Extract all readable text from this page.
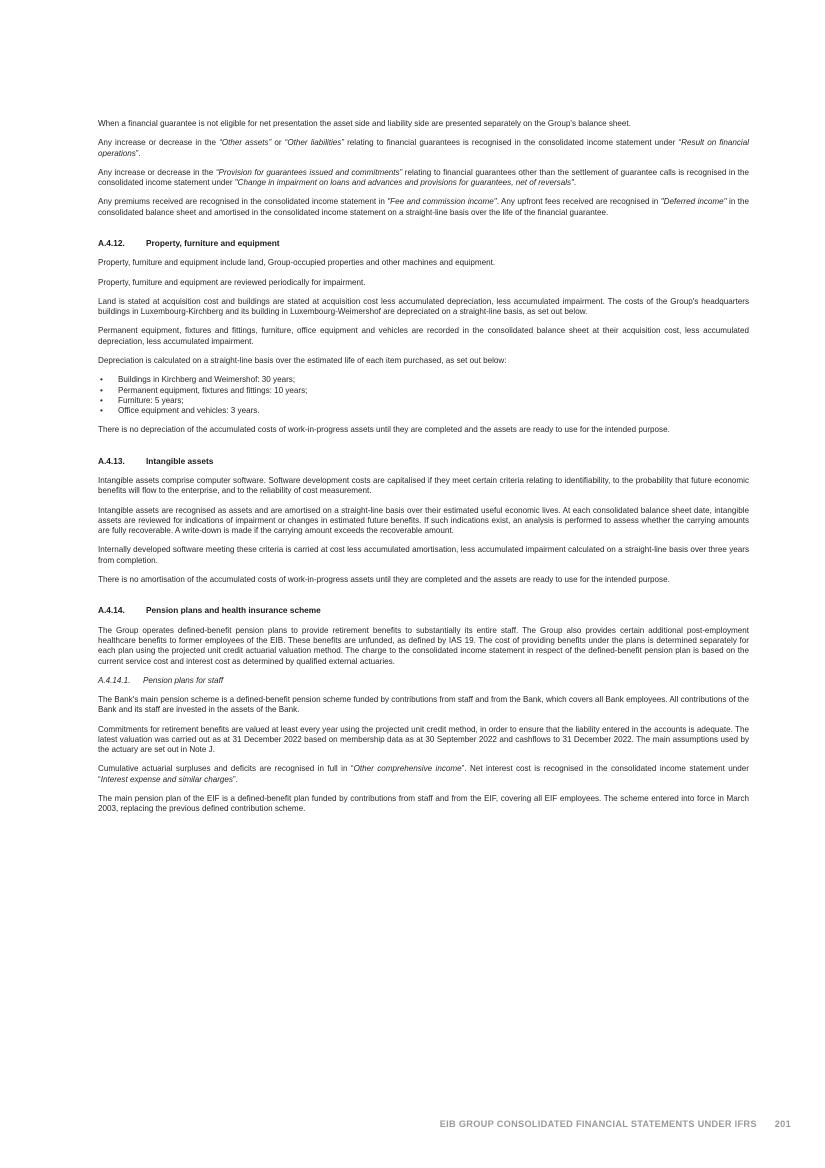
When a financial guarantee is not eligible for net presentation the asset side and liability side are presented separately on the Group's balance sheet.

Any increase or decrease in the “Other assets” or “Other liabilities” relating to financial guarantees is recognised in the consolidated income statement under “Result on financial operations”.

Any increase or decrease in the “Provision for guarantees issued and commitments” relating to financial guarantees other than the settlement of guarantee calls is recognised in the consolidated income statement under "Change in impairment on loans and advances and provisions for guarantees, net of reversals".

Any premiums received are recognised in the consolidated income statement in "Fee and commission income". Any upfront fees received are recognised in "Deferred income" in the consolidated balance sheet and amortised in the consolidated income statement on a straight-line basis over the life of the financial guarantee.

A.4.12.	Property, furniture and equipment

Property, furniture and equipment include land, Group-occupied properties and other machines and equipment.

Property, furniture and equipment are reviewed periodically for impairment.

Land is stated at acquisition cost and buildings are stated at acquisition cost less accumulated depreciation, less accumulated impairment. The costs of the Group's headquarters buildings in Luxembourg-Kirchberg and its building in Luxembourg-Weimershof are depreciated on a straight-line basis, as set out below.

Permanent equipment, fixtures and fittings, furniture, office equipment and vehicles are recorded in the consolidated balance sheet at their acquisition cost, less accumulated depreciation, less accumulated impairment.

Depreciation is calculated on a straight-line basis over the estimated life of each item purchased, as set out below:

• Buildings in Kirchberg and Weimershof: 30 years;
• Permanent equipment, fixtures and fittings: 10 years;
• Furniture: 5 years;
• Office equipment and vehicles: 3 years.

There is no depreciation of the accumulated costs of work-in-progress assets until they are completed and the assets are ready to use for the intended purpose.

A.4.13.	Intangible assets

Intangible assets comprise computer software. Software development costs are capitalised if they meet certain criteria relating to identifiability, to the probability that future economic benefits will flow to the enterprise, and to the reliability of cost measurement.

Intangible assets are recognised as assets and are amortised on a straight-line basis over their estimated useful economic lives. At each consolidated balance sheet date, intangible assets are reviewed for indications of impairment or changes in estimated future benefits. If such indications exist, an analysis is performed to assess whether the carrying amounts are fully recoverable. A write-down is made if the carrying amount exceeds the recoverable amount.

Internally developed software meeting these criteria is carried at cost less accumulated amortisation, less accumulated impairment calculated on a straight-line basis over three years from completion.

There is no amortisation of the accumulated costs of work-in-progress assets until they are completed and the assets are ready to use for the intended purpose.

A.4.14.	Pension plans and health insurance scheme

The Group operates defined-benefit pension plans to provide retirement benefits to substantially its entire staff. The Group also provides certain additional post-employment healthcare benefits to former employees of the EIB. These benefits are unfunded, as defined by IAS 19. The cost of providing benefits under the plans is determined separately for each plan using the projected unit credit actuarial valuation method. The charge to the consolidated income statement in respect of the defined-benefit pension plan is based on the current service cost and interest cost as determined by qualified external actuaries.

A.4.14.1. Pension plans for staff

The Bank's main pension scheme is a defined-benefit pension scheme funded by contributions from staff and from the Bank, which covers all Bank employees. All contributions of the Bank and its staff are invested in the assets of the Bank.

Commitments for retirement benefits are valued at least every year using the projected unit credit method, in order to ensure that the liability entered in the accounts is adequate. The latest valuation was carried out as at 31 December 2022 based on membership data as at 30 September 2022 and cashflows to 31 December 2022. The main assumptions used by the actuary are set out in Note J.

Cumulative actuarial surpluses and deficits are recognised in full in “Other comprehensive income”. Net interest cost is recognised in the consolidated income statement under “Interest expense and similar charges”.

The main pension plan of the EIF is a defined-benefit plan funded by contributions from staff and from the EIF, covering all EIF employees. The scheme entered into force in March 2003, replacing the previous defined contribution scheme.

EIB GROUP CONSOLIDATED FINANCIAL STATEMENTS UNDER IFRS 201
